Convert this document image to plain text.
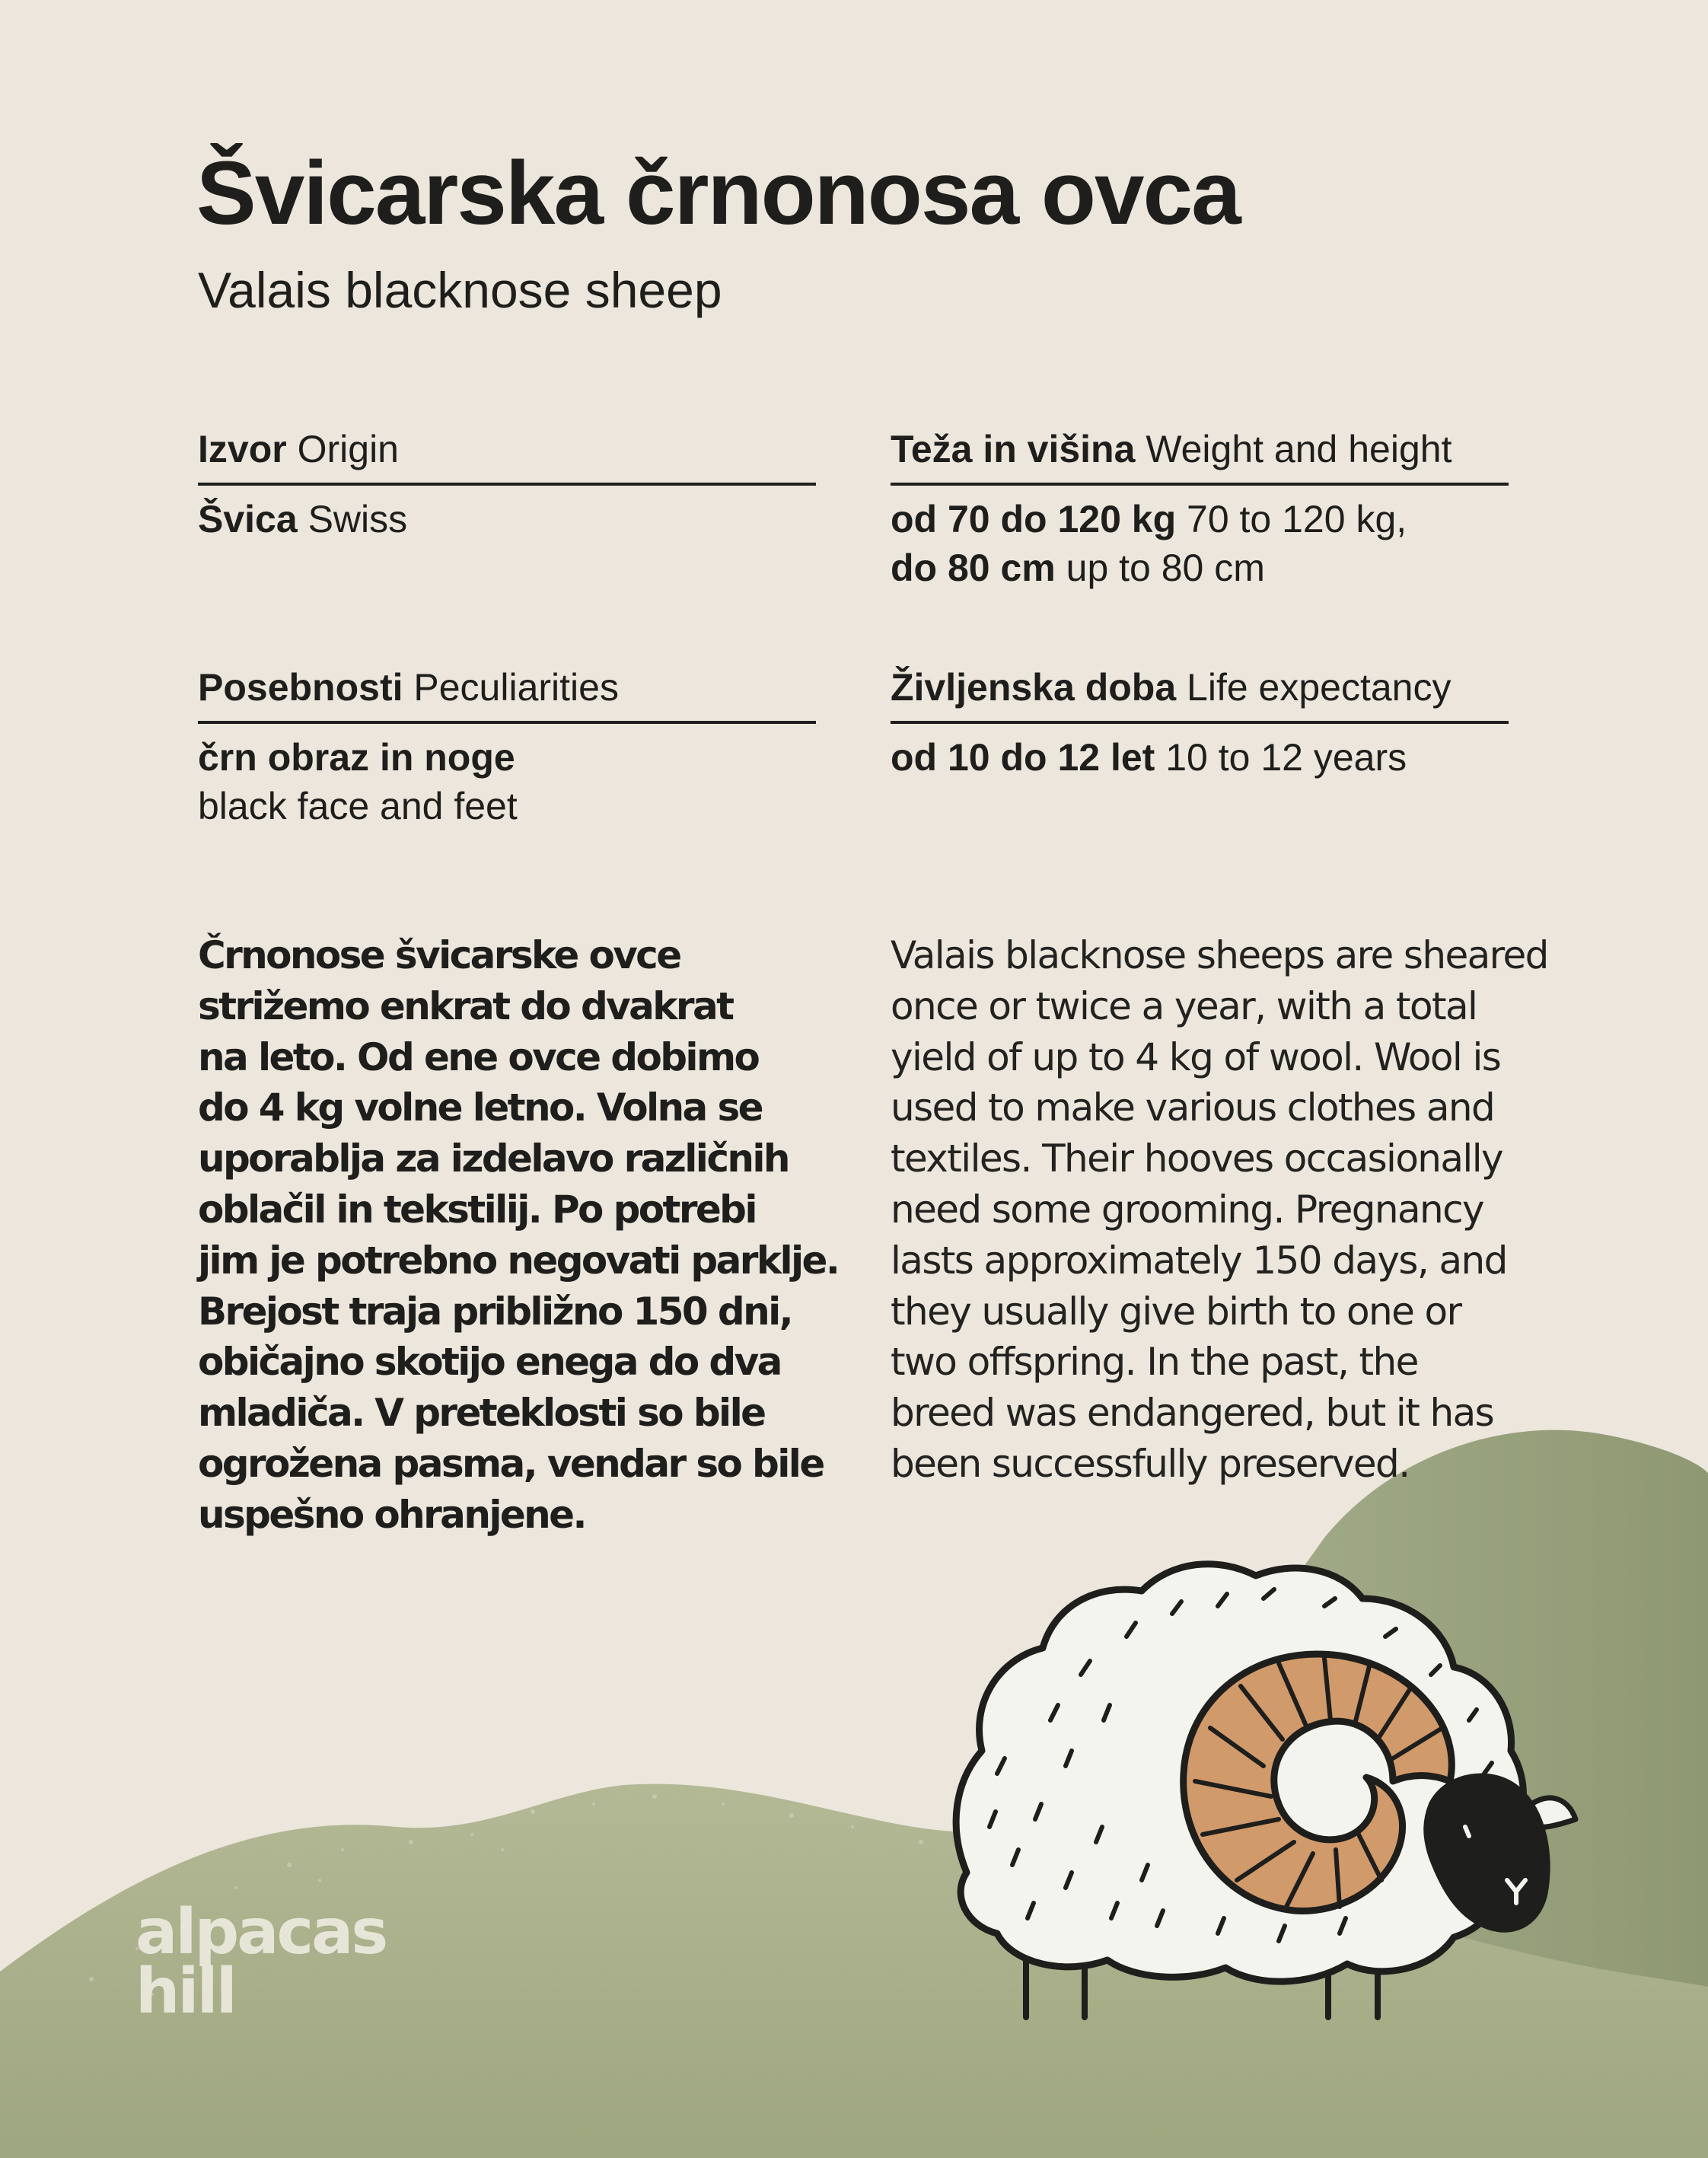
Švicarska črnonosa ovca
Valais blacknose sheep
Izvor Origin
Švica Swiss
Teža in višina Weight and height
od 70 do 120 kg 70 to 120 kg,
do 80 cm up to 80 cm
Posebnosti Peculiarities
črn obraz in noge
black face and feet
Življenska doba Life expectancy
od 10 do 12 let 10 to 12 years
Črnonose švicarske ovce
strižemo enkrat do dvakrat
na leto. Od ene ovce dobimo
do 4 kg volne letno. Volna se
uporablja za izdelavo različnih
oblačil in tekstilij. Po potrebi
jim je potrebno negovati parklje.
Brejost traja približno 150 dni,
običajno skotijo enega do dva
mladiča. V preteklosti so bile
ogrožena pasma, vendar so bile
uspešno ohranjene.
Valais blacknose sheeps are sheared
once or twice a year, with a total
yield of up to 4 kg of wool. Wool is
used to make various clothes and
textiles. Their hooves occasionally
need some grooming. Pregnancy
lasts approximately 150 days, and
they usually give birth to one or
two offspring. In the past, the
breed was endangered, but it has
been successfully preserved.
alpacas
hill
